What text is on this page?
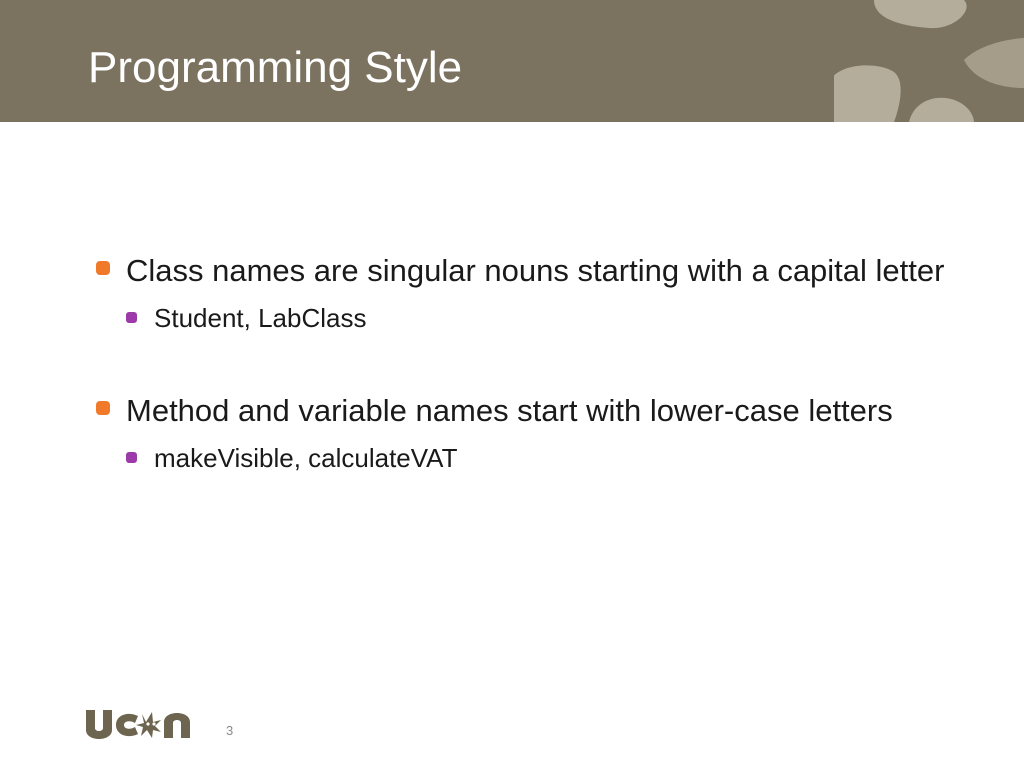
Programming Style
Class names are singular nouns starting with a capital letter
Student, LabClass
Method and variable names start with lower-case letters
makeVisible, calculateVAT
3
